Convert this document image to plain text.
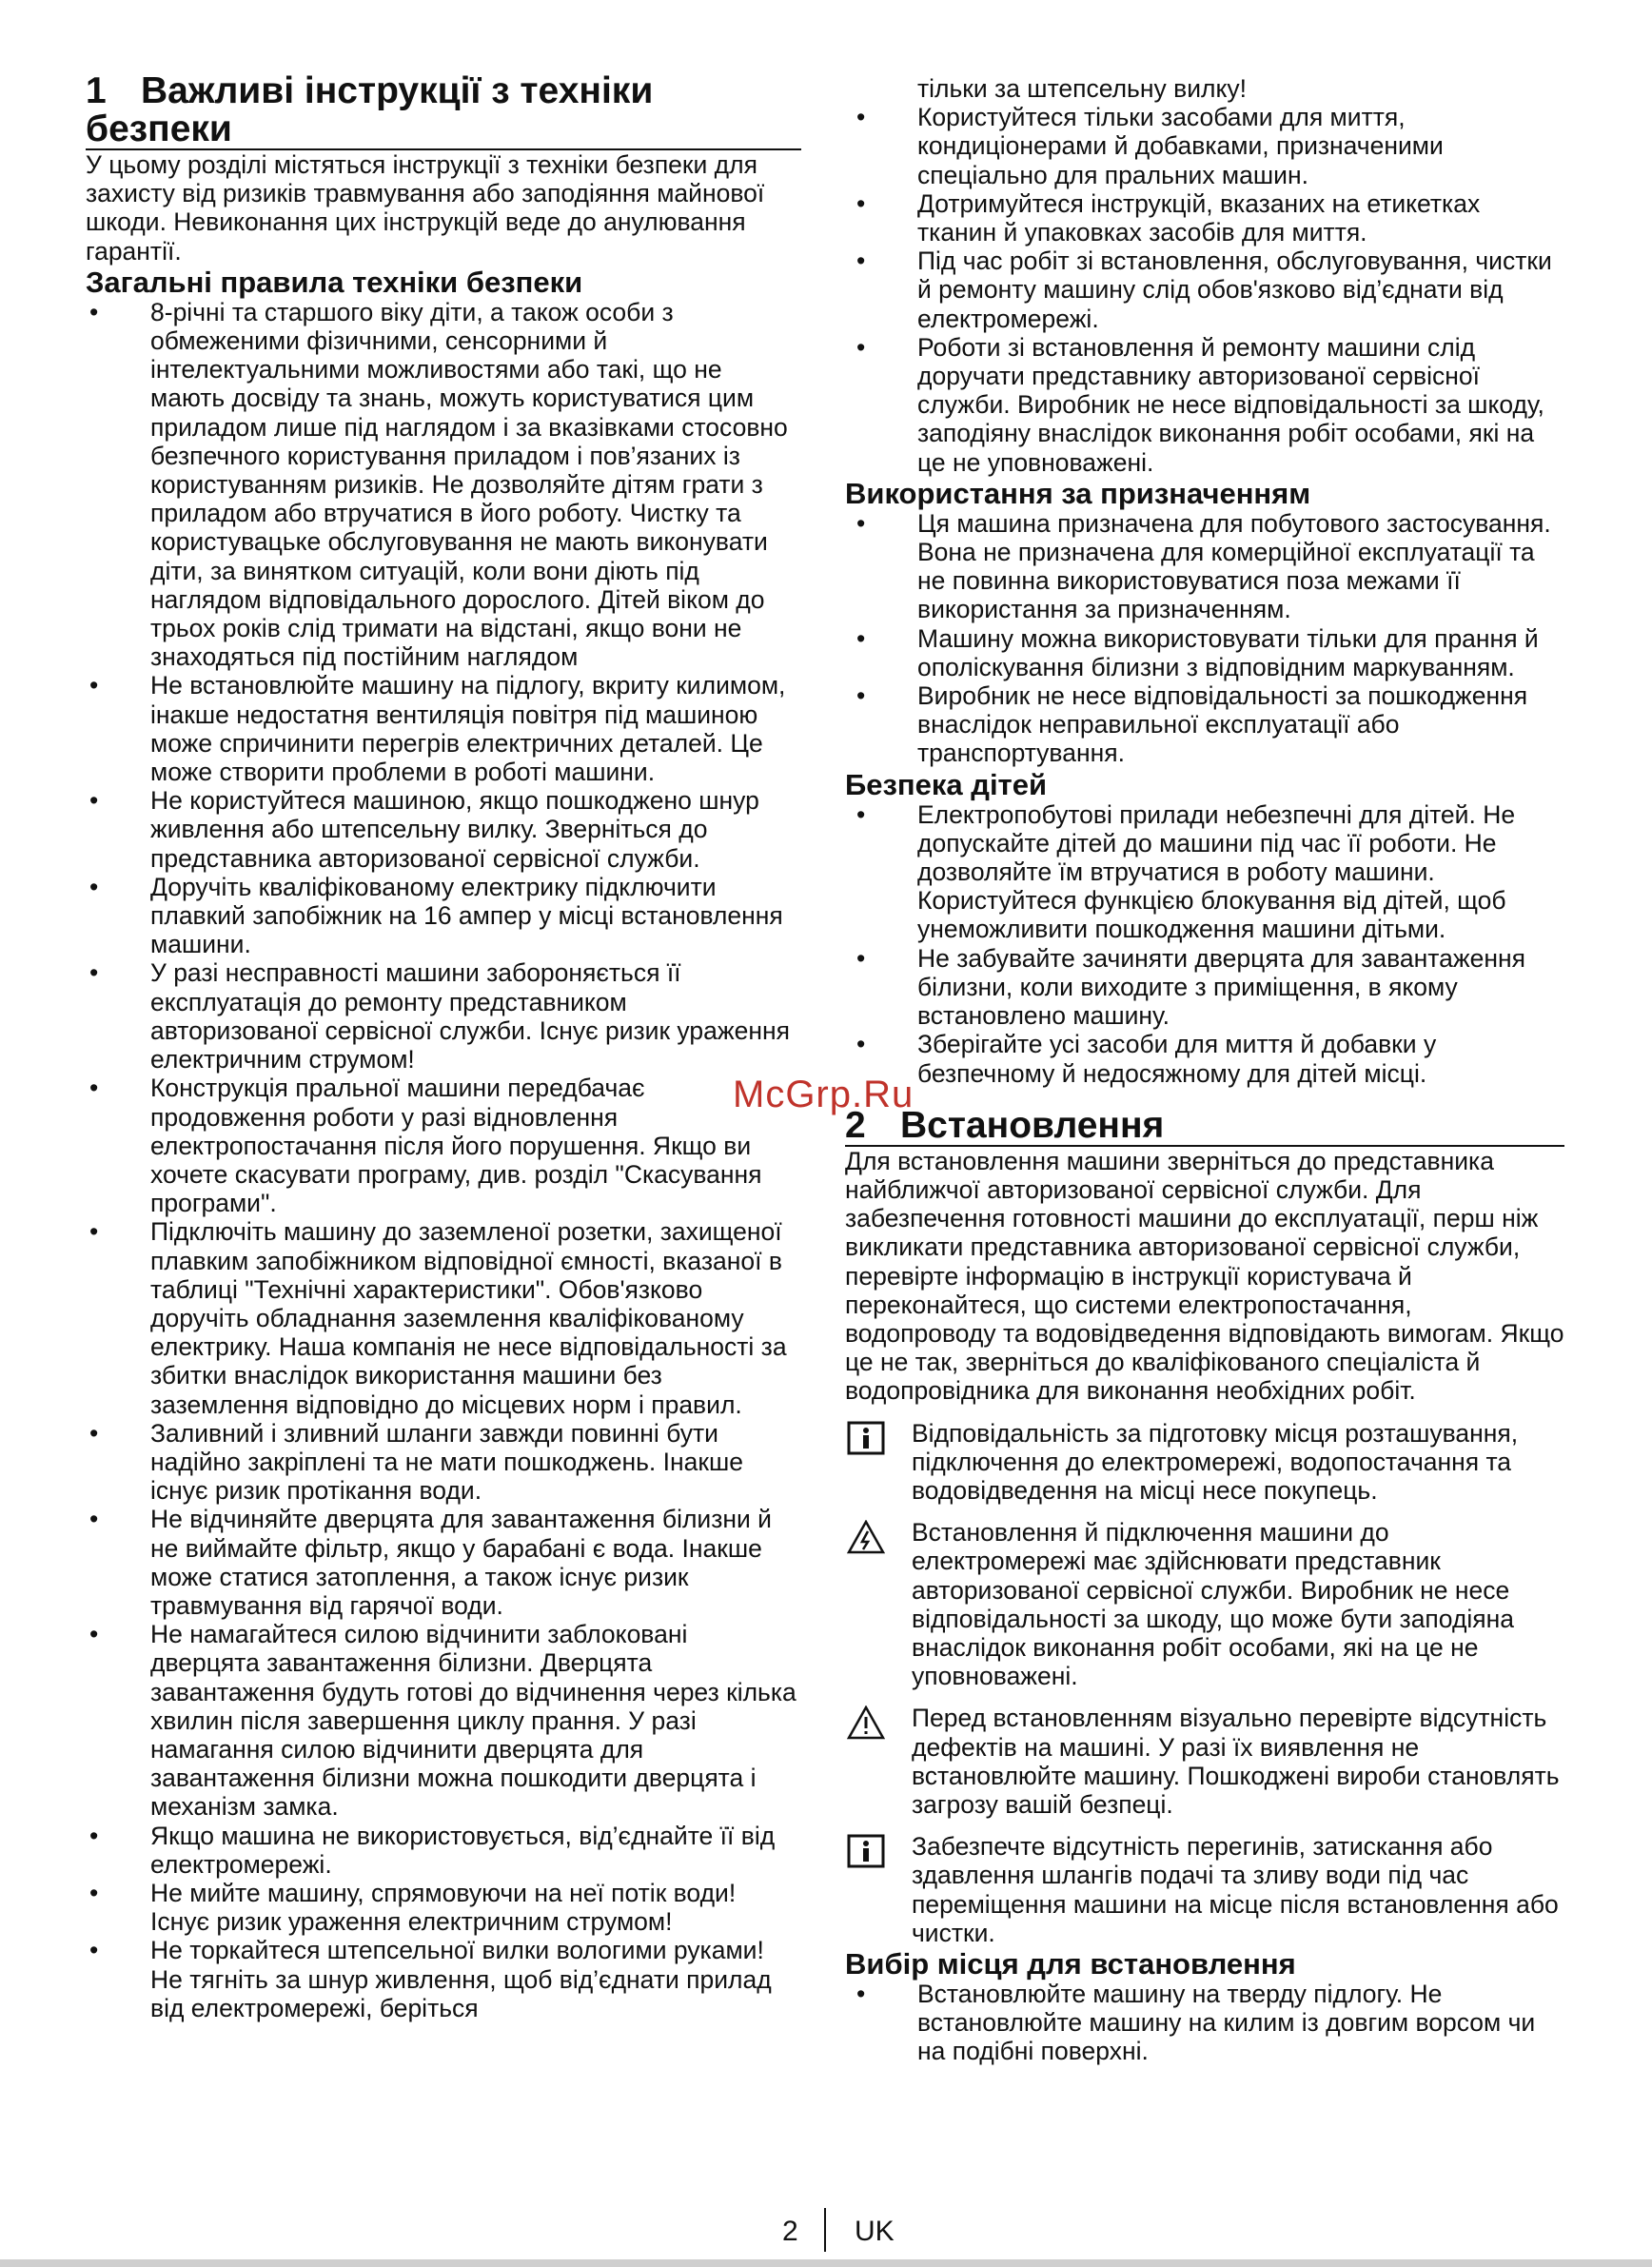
1 Важливі інструкції з техніки
безпеки

У цьому розділі містяться інструкції з техніки безпеки для захисту від ризиків травмування або заподіяння майнової шкоди. Невиконання цих інструкцій веде до анулювання гарантії.

Загальні правила техніки безпеки
• 8-річні та старшого віку діти, а також особи з обмеженими фізичними, сенсорними й інтелектуальними можливостями або такі, що не мають досвіду та знань, можуть користуватися цим приладом лише під наглядом і за вказівками стосовно безпечного користування приладом і пов’язаних із користуванням ризиків. Не дозволяйте дітям грати з приладом або втручатися в його роботу. Чистку та користувацьке обслуговування не мають виконувати діти, за винятком ситуацій, коли вони діють під наглядом відповідального дорослого. Дітей віком до трьох років слід тримати на відстані, якщо вони не знаходяться під постійним наглядом
• Не встановлюйте машину на підлогу, вкриту килимом, інакше недостатня вентиляція повітря під машиною може спричинити перегрів електричних деталей. Це може створити проблеми в роботі машини.
• Не користуйтеся машиною, якщо пошкоджено шнур живлення або штепсельну вилку. Зверніться до представника авторизованої сервісної служби.
• Доручіть кваліфікованому електрику підключити плавкий запобіжник на 16 ампер у місці встановлення машини.
• У разі несправності машини забороняється її експлуатація до ремонту представником авторизованої сервісної служби. Існує ризик ураження електричним струмом!
• Конструкція пральної машини передбачає продовження роботи у разі відновлення електропостачання після його порушення. Якщо ви хочете скасувати програму, див. розділ "Скасування програми".
• Підключіть машину до заземленої розетки, захищеної плавким запобіжником відповідної ємності, вказаної в таблиці "Технічні характеристики". Обов'язково доручіть обладнання заземлення кваліфікованому електрику. Наша компанія не несе відповідальності за збитки внаслідок використання машини без заземлення відповідно до місцевих норм і правил.
• Заливний і зливний шланги завжди повинні бути надійно закріплені та не мати пошкоджень. Інакше існує ризик протікання води.
• Не відчиняйте дверцята для завантаження білизни й не виймайте фільтр, якщо у барабані є вода. Інакше може статися затоплення, а також існує ризик травмування від гарячої води.
• Не намагайтеся силою відчинити заблоковані дверцята завантаження білизни. Дверцята завантаження будуть готові до відчинення через кілька хвилин після завершення циклу прання. У разі намагання силою відчинити дверцята для завантаження білизни можна пошкодити дверцята і механізм замка.
• Якщо машина не використовується, від’єднайте її від електромережі.
• Не мийте машину, спрямовуючи на неї потік води! Існує ризик ураження електричним струмом!
• Не торкайтеся штепсельної вилки вологими руками! Не тягніть за шнур живлення, щоб від’єднати прилад від електромережі, беріться

тільки за штепсельну вилку!

• Користуйтеся тільки засобами для миття, кондиціонерами й добавками, призначеними спеціально для пральних машин.
• Дотримуйтеся інструкцій, вказаних на етикетках тканин й упаковках засобів для миття.
• Під час робіт зі встановлення, обслуговування, чистки й ремонту машину слід обов'язково від’єднати від електромережі.
• Роботи зі встановлення й ремонту машини слід доручати представнику авторизованої сервісної служби. Виробник не несе відповідальності за шкоду, заподіяну внаслідок виконання робіт особами, які на це не уповноважені.
Використання за призначенням
• Ця машина призначена для побутового застосування. Вона не призначена для комерційної експлуатації та не повинна використовуватися поза межами її використання за призначенням.
• Машину можна використовувати тільки для прання й ополіскування білизни з відповідним маркуванням.
• Виробник не несе відповідальності за пошкодження внаслідок неправильної експлуатації або транспортування.
Безпека дітей
• Електропобутові прилади небезпечні для дітей. Не допускайте дітей до машини під час її роботи. Не дозволяйте їм втручатися в роботу машини. Користуйтеся функцією блокування від дітей, щоб унеможливити пошкодження машини дітьми.
• Не забувайте зачиняти дверцята для завантаження білизни, коли виходите з приміщення, в якому встановлено машину.
• Зберігайте усі засоби для миття й добавки у безпечному й недосяжному для дітей місці.
2 Встановлення

Для встановлення машини зверніться до представника найближчої авторизованої сервісної служби. Для забезпечення готовності машини до експлуатації, перш ніж викликати представника авторизованої сервісної служби, перевірте інформацію в інструкції користувача й переконайтеся, що системи електропостачання, водопроводу та водовідведення відповідають вимогам. Якщо це не так, зверніться до кваліфікованого спеціаліста й водопровідника для виконання необхідних робіт.

Відповідальність за підготовку місця розташування, підключення до електромережі, водопостачання та водовідведення на місці несе покупець.
Встановлення й підключення машини до електромережі має здійснювати представник авторизованої сервісної служби. Виробник не несе відповідальності за шкоду, що може бути заподіяна внаслідок виконання робіт особами, які на це не уповноважені.
Перед встановленням візуально перевірте відсутність дефектів на машині. У разі їх виявлення не встановлюйте машину. Пошкоджені вироби становлять загрозу вашій безпеці.
Забезпечте відсутність перегинів, затискання або здавлення шлангів подачі та зливу води під час переміщення машини на місце після встановлення або чистки.
Вибір місця для встановлення
• Встановлюйте машину на тверду підлогу. Не встановлюйте машину на килим із довгим ворсом чи на подібні поверхні.
McGrp.Ru
2 UK
